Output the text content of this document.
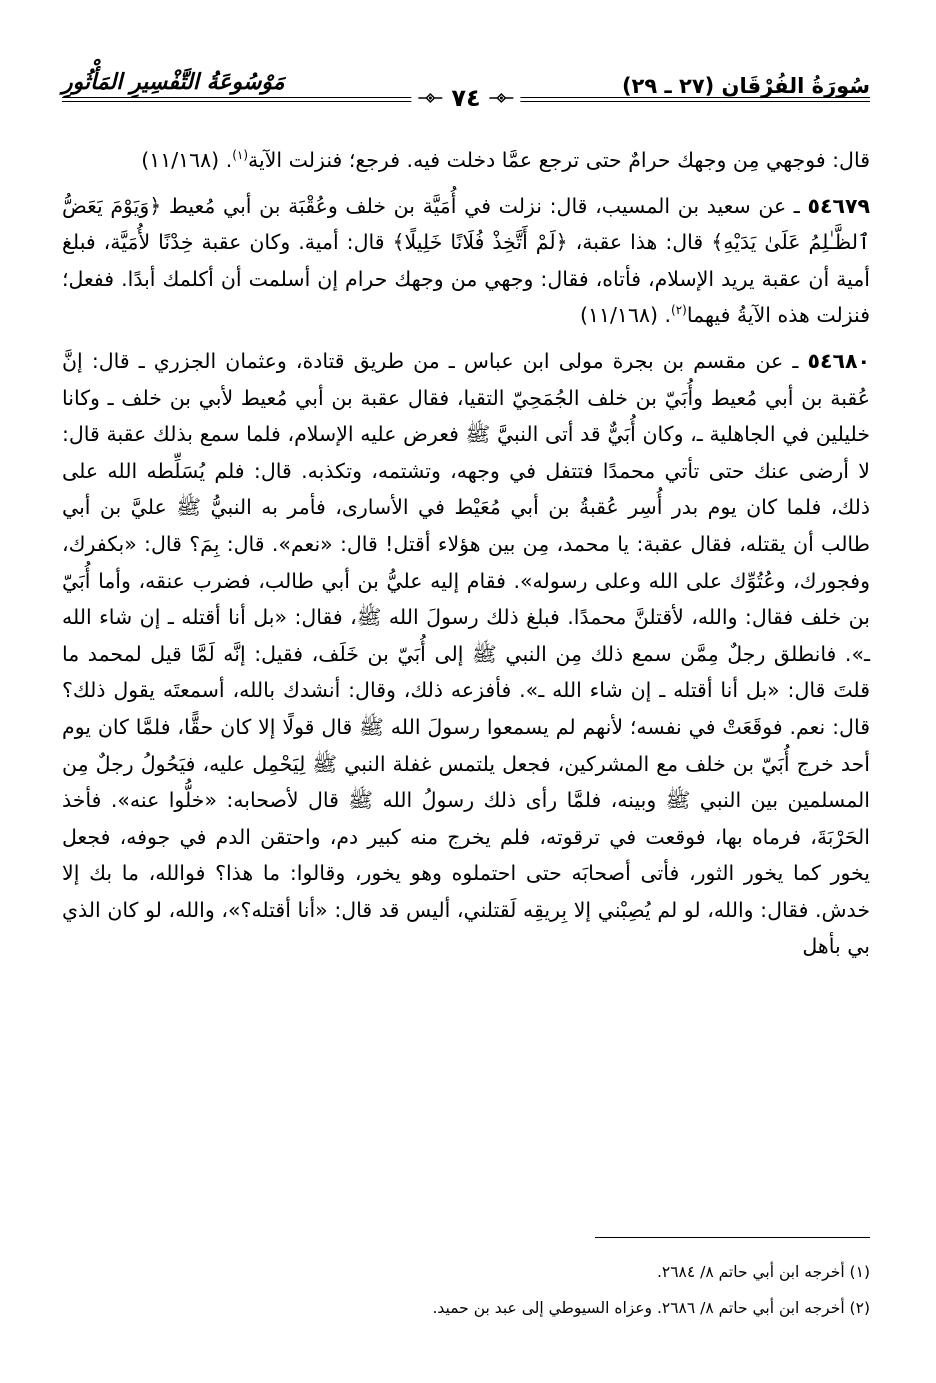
سُورَةُ الفُرْقَان (٢٧ ـ ٢٩)
مَوْسُوعَةُ التَّفْسِيرِ المَأْثُورِ
٧٤

قال: فوجهي مِن وجهك حرامٌ حتى ترجع عمَّا دخلت فيه. فرجع؛ فنزلت الآية$^{(١)}$. (١١/١٦٨)

٥٤٦٧٩ ـ عن سعيد بن المسيب، قال: نزلت في أُمَيَّة بن خلف وعُقْبَة بن أبي مُعيط ﴿وَيَوْمَ يَعَضُّ ٱلظَّـٰلِمُ عَلَىٰ يَدَيْهِ﴾ قال: هذا عقبة، ﴿لَمْ أَتَّخِذْ فُلَانًا خَلِيلًا﴾ قال: أمية. وكان عقبة خِدْنًا لأُمَيَّة، فبلغ أمية أن عقبة يريد الإسلام، فأتاه، فقال: وجهي من وجهك حرام إن أسلمت أن أكلمك أبدًا. ففعل؛ فنزلت هذه الآيةُ فيهما$^{(٢)}$. (١١/١٦٨)

٥٤٦٨٠ ـ عن مقسم بن بجرة مولى ابن عباس ـ من طريق قتادة، وعثمان الجزري ـ قال: إنَّ عُقبة بن أبي مُعيط وأُبَيّ بن خلف الجُمَحِيّ التقيا، فقال عقبة بن أبي مُعيط لأبي بن خلف ـ وكانا خليلين في الجاهلية ـ، وكان أُبَيٌّ قد أتى النبيَّ ﷺ فعرض عليه الإسلام، فلما سمع بذلك عقبة قال: لا أرضى عنك حتى تأتي محمدًا فتتفل في وجهه، وتشتمه، وتكذبه. قال: فلم يُسَلِّطه الله على ذلك، فلما كان يوم بدر أُسِر عُقبةُ بن أبي مُعَيْط في الأسارى، فأمر به النبيُّ ﷺ عليَّ بن أبي طالب أن يقتله، فقال عقبة: يا محمد، مِن بين هؤلاء أقتل! قال: «نعم». قال: بِمَ؟ قال: «بكفرك، وفجورك، وعُتُوِّك على الله وعلى رسوله». فقام إليه عليُّ بن أبي طالب، فضرب عنقه، وأما أُبَيّ بن خلف فقال: والله، لأقتلنَّ محمدًا. فبلغ ذلك رسولَ الله ﷺ، فقال: «بل أنا أقتله ـ إن شاء الله ـ». فانطلق رجلٌ مِمَّن سمع ذلك مِن النبي ﷺ إلى أُبَيّ بن خَلَف، فقيل: إنَّه لَمَّا قيل لمحمد ما قلتَ قال: «بل أنا أقتله ـ إن شاء الله ـ». فأفزعه ذلك، وقال: أنشدك بالله، أسمعتَه يقول ذلك؟ قال: نعم. فوقَعَتْ في نفسه؛ لأنهم لم يسمعوا رسولَ الله ﷺ قال قولًا إلا كان حقًّا، فلمَّا كان يوم أحد خرج أُبَيّ بن خلف مع المشركين، فجعل يلتمس غفلة النبي ﷺ لِيَحْمِل عليه، فيَحُولُ رجلٌ مِن المسلمين بين النبي ﷺ وبينه، فلمَّا رأى ذلك رسولُ الله ﷺ قال لأصحابه: «خلُّوا عنه». فأخذ الحَرْبَةَ، فرماه بها، فوقعت في ترقوته، فلم يخرج منه كبير دم، واحتقن الدم في جوفه، فجعل يخور كما يخور الثور، فأتى أصحابَه حتى احتملوه وهو يخور، وقالوا: ما هذا؟ فوالله، ما بك إلا خدش. فقال: والله، لو لم يُصِبْني إلا بِريقِه لَقتلني، أليس قد قال: «أنا أقتله؟»، والله، لو كان الذي بي بأهل

(١) أخرجه ابن أبي حاتم ٨/ ٢٦٨٤.
(٢) أخرجه ابن أبي حاتم ٨/ ٢٦٨٦. وعزاه السيوطي إلى عبد بن حميد.
